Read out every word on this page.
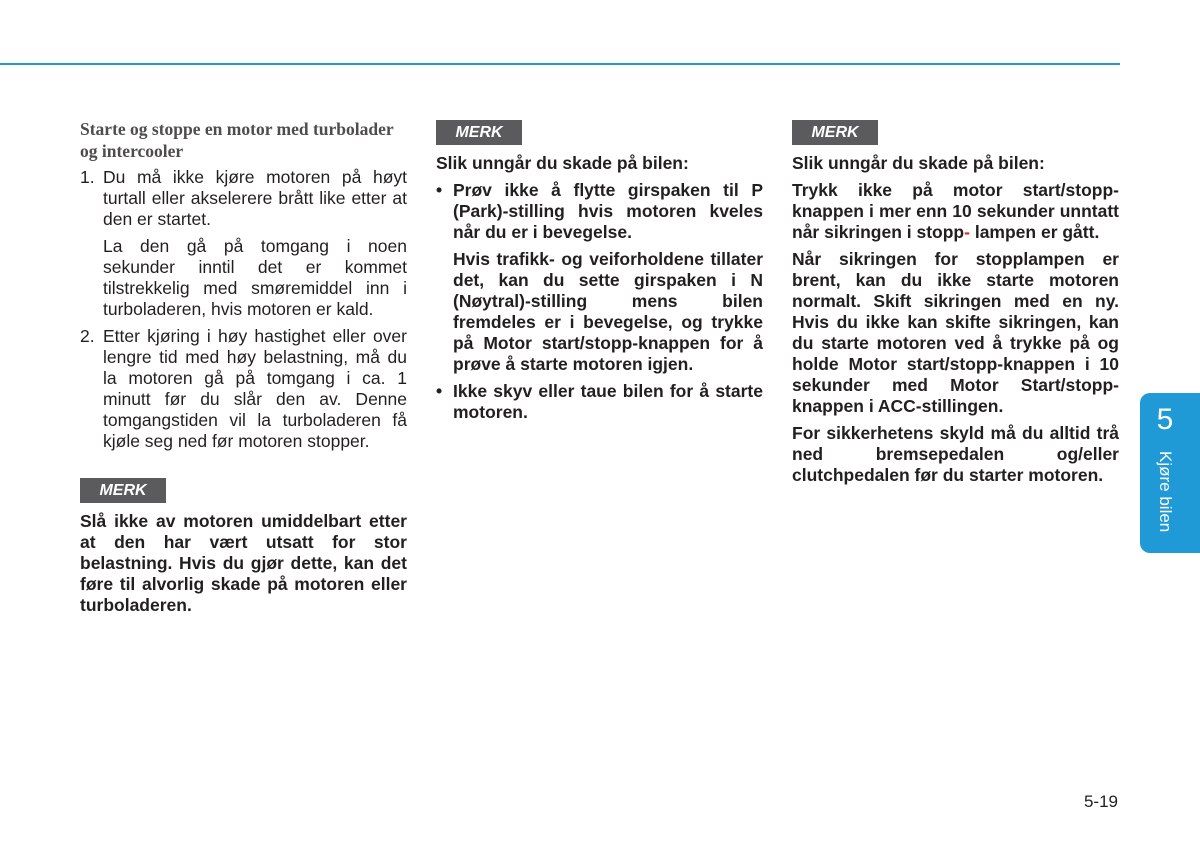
Starte og stoppe en motor med turbolader og intercooler
1. Du må ikke kjøre motoren på høyt turtall eller akselerere brått like etter at den er startet.

La den gå på tomgang i noen sekunder inntil det er kommet tilstrekkelig med smøremiddel inn i turboladeren, hvis motoren er kald.

2. Etter kjøring i høy hastighet eller over lengre tid med høy belastning, må du la motoren gå på tomgang i ca. 1 minutt før du slår den av. Denne tomgangstiden vil la turboladeren få kjøle seg ned før motoren stopper.

MERK

Slå ikke av motoren umiddelbart etter at den har vært utsatt for stor belastning. Hvis du gjør dette, kan det føre til alvorlig skade på motoren eller turboladeren.

MERK

Slik unngår du skade på bilen:

• Prøv ikke å flytte girspaken til P (Park)-stilling hvis motoren kveles når du er i bevegelse.

Hvis trafikk- og veiforholdene tillater det, kan du sette girspaken i N (Nøytral)-stilling mens bilen fremdeles er i bevegelse, og trykke på Motor start/stopp-knappen for å prøve å starte motoren igjen.

• Ikke skyv eller taue bilen for å starte motoren.

MERK

Slik unngår du skade på bilen:

Trykk ikke på motor start/stopp-knappen i mer enn 10 sekunder unntatt når sikringen i stopp- lampen er gått.

Når sikringen for stopplampen er brent, kan du ikke starte motoren normalt. Skift sikringen med en ny. Hvis du ikke kan skifte sikringen, kan du starte motoren ved å trykke på og holde Motor start/stopp-knappen i 10 sekunder med Motor Start/stopp-knappen i ACC-stillingen.

For sikkerhetens skyld må du alltid trå ned bremsepedalen og/eller clutchpedalen før du starter motoren.

5
Kjøre bilen
5-19
